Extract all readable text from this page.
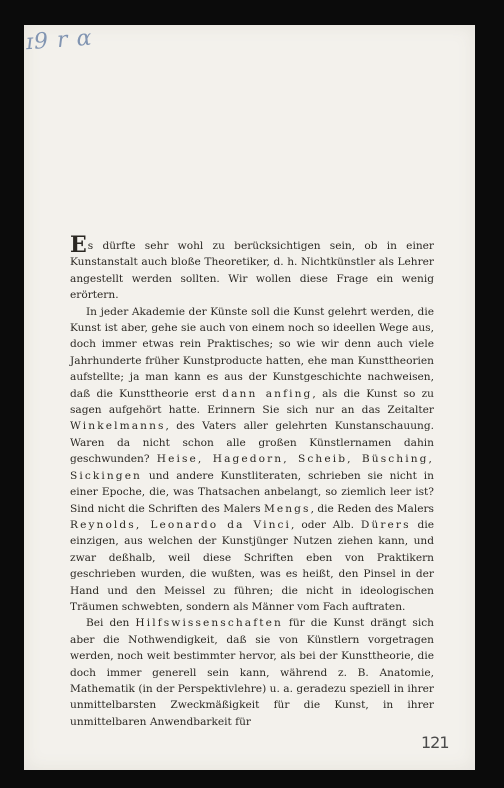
ɪ9 r ɑ

Es dürfte sehr wohl zu berücksichtigen sein, ob in einer Kunstanstalt auch bloße Theoretiker, d. h. Nichtkünstler als Lehrer angestellt werden sollten. Wir wollen diese Frage ein wenig erörtern.

In jeder Akademie der Künste soll die Kunst gelehrt werden, die Kunst ist aber, gehe sie auch von einem noch so ideellen Wege aus, doch immer etwas rein Praktisches; so wie wir denn auch viele Jahrhunderte früher Kunstproducte hatten, ehe man Kunsttheorien aufstellte; ja man kann es aus der Kunstgeschichte nachweisen, daß die Kunsttheorie erst dann anfing, als die Kunst so zu sagen aufgehört hatte. Erinnern Sie sich nur an das Zeitalter Winkelmanns, des Vaters aller gelehrten Kunstanschauung. Waren da nicht schon alle großen Künstlernamen dahin geschwunden? Heise, Hagedorn, Scheib, Büsching, Sickingen und andere Kunstliteraten, schrieben sie nicht in einer Epoche, die, was Thatsachen anbelangt, so ziemlich leer ist? Sind nicht die Schriften des Malers Mengs, die Reden des Malers Reynolds, Leonardo da Vinci, oder Alb. Dürers die einzigen, aus welchen der Kunstjünger Nutzen ziehen kann, und zwar deßhalb, weil diese Schriften eben von Praktikern geschrieben wurden, die wußten, was es heißt, den Pinsel in der Hand und den Meissel zu führen; die nicht in ideologischen Träumen schwebten, sondern als Männer vom Fach auftraten.

Bei den Hilfswissenschaften für die Kunst drängt sich aber die Nothwendigkeit, daß sie von Künstlern vorgetragen werden, noch weit bestimmter hervor, als bei der Kunsttheorie, die doch immer generell sein kann, während z. B. Anatomie, Mathematik (in der Perspektivlehre) u. a. geradezu speziell in ihrer unmittelbarsten Zweckmäßigkeit für die Kunst, in ihrer unmittelbaren Anwendbarkeit für

121
